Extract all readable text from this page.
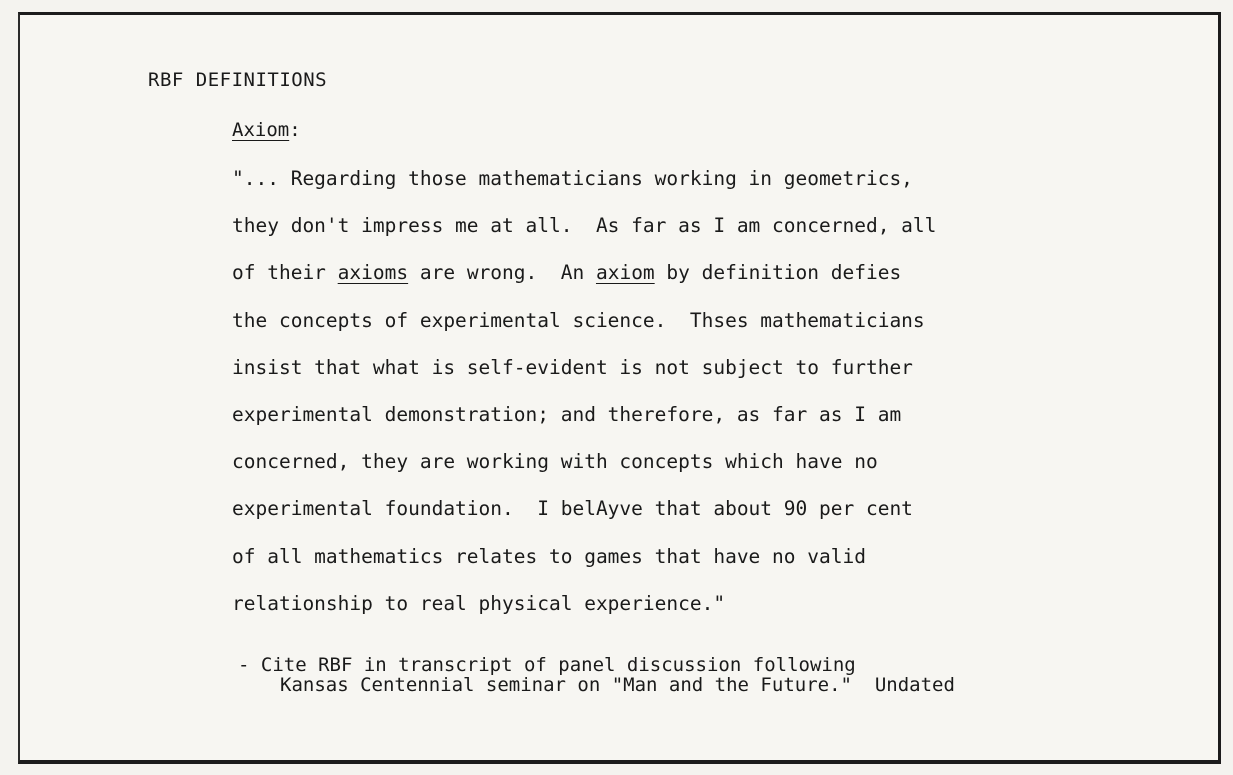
RBF DEFINITIONS
Axiom:
"... Regarding those mathematicians working in geometrics,
they don't impress me at all.  As far as I am concerned, all
of their axioms are wrong.  An axiom by definition defies
the concepts of experimental science.  Thses mathematicians
insist that what is self-evident is not subject to further
experimental demonstration; and therefore, as far as I am
concerned, they are working with concepts which have no
experimental foundation.  I belAyve that about 90 per cent
of all mathematics relates to games that have no valid
relationship to real physical experience."
- Cite RBF in transcript of panel discussion following
Kansas Centennial seminar on "Man and the Future."  Undated
